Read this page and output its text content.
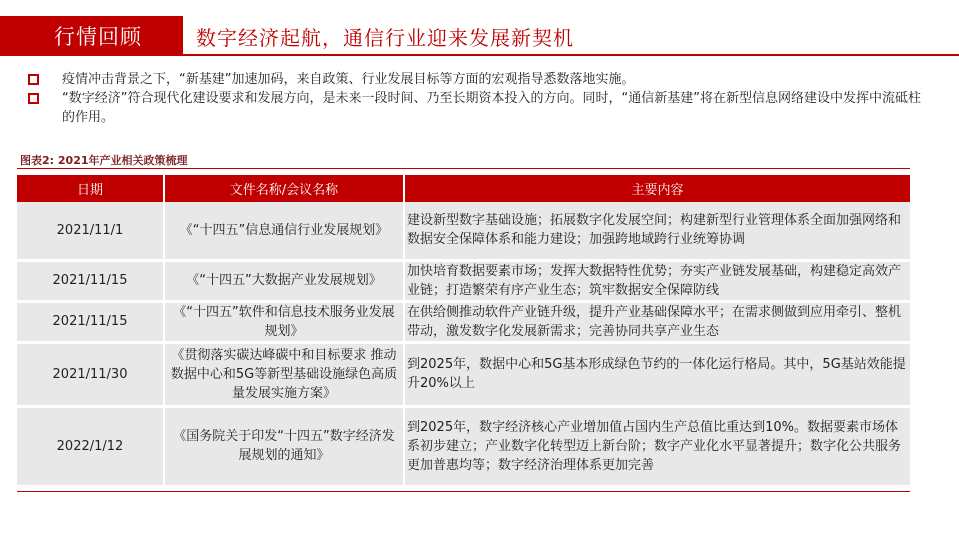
行情回顾	数字经济起航，通信行业迎来发展新契机
疫情冲击背景之下，“新基建”加速加码，来自政策、行业发展目标等方面的宏观指导悉数落地实施。
“数字经济”符合现代化建设要求和发展方向，是未来一段时间、乃至长期资本投入的方向。同时，“通信新基建”将在新型信息网络建设中发挥中流砥柱的作用。
图表2: 2021年产业相关政策梳理
日期	文件名称/会议名称	主要内容
2021/11/1	《“十四五”信息通信行业发展规划》	建设新型数字基础设施；拓展数字化发展空间；构建新型行业管理体系全面加强网络和数据安全保障体系和能力建设；加强跨地域跨行业统筹协调
2021/11/15	《“十四五”大数据产业发展规划》	加快培育数据要素市场；发挥大数据特性优势；夯实产业链发展基础，构建稳定高效产业链；打造繁荣有序产业生态；筑牢数据安全保障防线
2021/11/15	《“十四五”软件和信息技术服务业发展规划》	在供给侧推动软件产业链升级，提升产业基础保障水平；在需求侧做到应用牵引、整机带动，激发数字化发展新需求；完善协同共享产业生态
2021/11/30	《贯彻落实碳达峰碳中和目标要求 推动数据中心和5G等新型基础设施绿色高质量发展实施方案》	到2025年，数据中心和5G基本形成绿色节约的一体化运行格局。其中，5G基站效能提升20%以上
2022/1/12	《国务院关于印发“十四五”数字经济发展规划的通知》	到2025年，数字经济核心产业增加值占国内生产总值比重达到10%。数据要素市场体系初步建立；产业数字化转型迈上新台阶；数字产业化水平显著提升；数字化公共服务更加普惠均等；数字经济治理体系更加完善
